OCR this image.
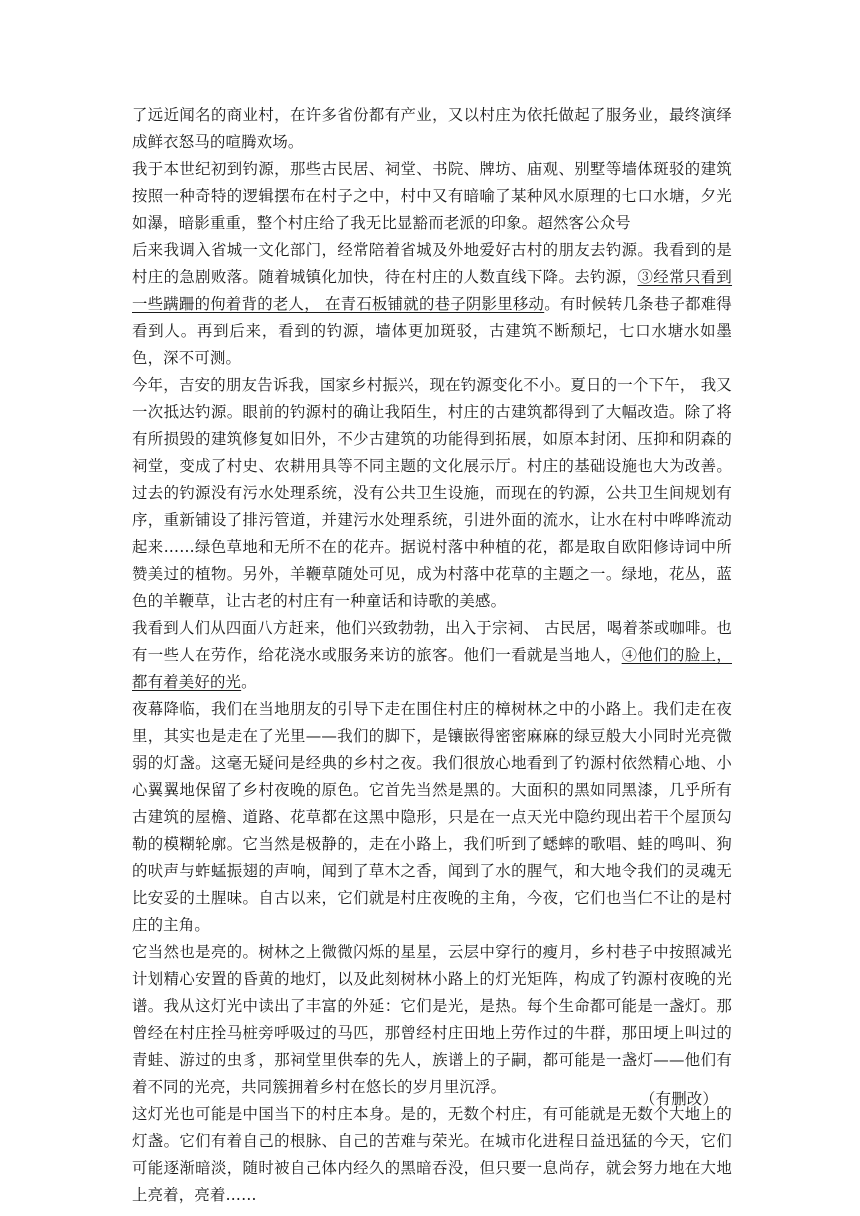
了远近闻名的商业村，在许多省份都有产业，又以村庄为依托做起了服务业，最终演绎成鲜衣怒马的喧腾欢场。

我于本世纪初到钓源，那些古民居、祠堂、书院、牌坊、庙观、别墅等墙体斑驳的建筑按照一种奇特的逻辑摆布在村子之中，村中又有暗喻了某种风水原理的七口水塘，夕光如瀑，暗影重重，整个村庄给了我无比显豁而老派的印象。超然客公众号

后来我调入省城一文化部门，经常陪着省城及外地爱好古村的朋友去钓源。我看到的是村庄的急剧败落。随着城镇化加快，待在村庄的人数直线下降。去钓源，③经常只看到一些蹒跚的佝着背的老人， 在青石板铺就的巷子阴影里移动。有时候转几条巷子都难得看到人。再到后来，看到的钓源，墙体更加斑驳，古建筑不断颓圮，七口水塘水如墨色，深不可测。

今年，吉安的朋友告诉我，国家乡村振兴，现在钓源变化不小。夏日的一个下午， 我又一次抵达钓源。眼前的钓源村的确让我陌生，村庄的古建筑都得到了大幅改造。除了将有所损毁的建筑修复如旧外，不少古建筑的功能得到拓展，如原本封闭、压抑和阴森的祠堂，变成了村史、农耕用具等不同主题的文化展示厅。村庄的基础设施也大为改善。过去的钓源没有污水处理系统，没有公共卫生设施，而现在的钓源，公共卫生间规划有序，重新铺设了排污管道，并建污水处理系统，引进外面的流水，让水在村中哗哗流动起来……绿色草地和无所不在的花卉。据说村落中种植的花，都是取自欧阳修诗词中所赞美过的植物。另外，羊鞭草随处可见，成为村落中花草的主题之一。绿地，花丛，蓝色的羊鞭草，让古老的村庄有一种童话和诗歌的美感。

我看到人们从四面八方赶来，他们兴致勃勃，出入于宗祠、 古民居，喝着茶或咖啡。也有一些人在劳作，给花浇水或服务来访的旅客。他们一看就是当地人，④他们的脸上，都有着美好的光。

夜幕降临，我们在当地朋友的引导下走在围住村庄的樟树林之中的小路上。我们走在夜里，其实也是走在了光里——我们的脚下，是镶嵌得密密麻麻的绿豆般大小同时光亮微弱的灯盏。这毫无疑问是经典的乡村之夜。我们很放心地看到了钓源村依然精心地、小心翼翼地保留了乡村夜晚的原色。它首先当然是黑的。大面积的黑如同黑漆，几乎所有古建筑的屋檐、道路、花草都在这黑中隐形，只是在一点天光中隐约现出若干个屋顶勾勒的模糊轮廓。它当然是极静的，走在小路上，我们听到了蟋蟀的歌唱、蛙的鸣叫、狗的吠声与蚱蜢振翅的声响，闻到了草木之香，闻到了水的腥气，和大地令我们的灵魂无比安妥的土腥味。自古以来，它们就是村庄夜晚的主角，今夜，它们也当仁不让的是村庄的主角。

它当然也是亮的。树林之上微微闪烁的星星，云层中穿行的瘦月，乡村巷子中按照减光计划精心安置的昏黄的地灯，以及此刻树林小路上的灯光矩阵，构成了钓源村夜晚的光谱。我从这灯光中读出了丰富的外延：它们是光，是热。每个生命都可能是一盏灯。那曾经在村庄拴马桩旁呼吸过的马匹，那曾经村庄田地上劳作过的牛群，那田埂上叫过的青蛙、游过的虫豸，那祠堂里供奉的先人，族谱上的子嗣，都可能是一盏灯——他们有着不同的光亮，共同簇拥着乡村在悠长的岁月里沉浮。

这灯光也可能是中国当下的村庄本身。是的，无数个村庄，有可能就是无数个大地上的灯盏。它们有着自己的根脉、自己的苦难与荣光。在城市化进程日益迅猛的今天，它们可能逐渐暗淡，随时被自己体内经久的黑暗吞没，但只要一息尚存，就会努力地在大地上亮着，亮着……

（有删改）
